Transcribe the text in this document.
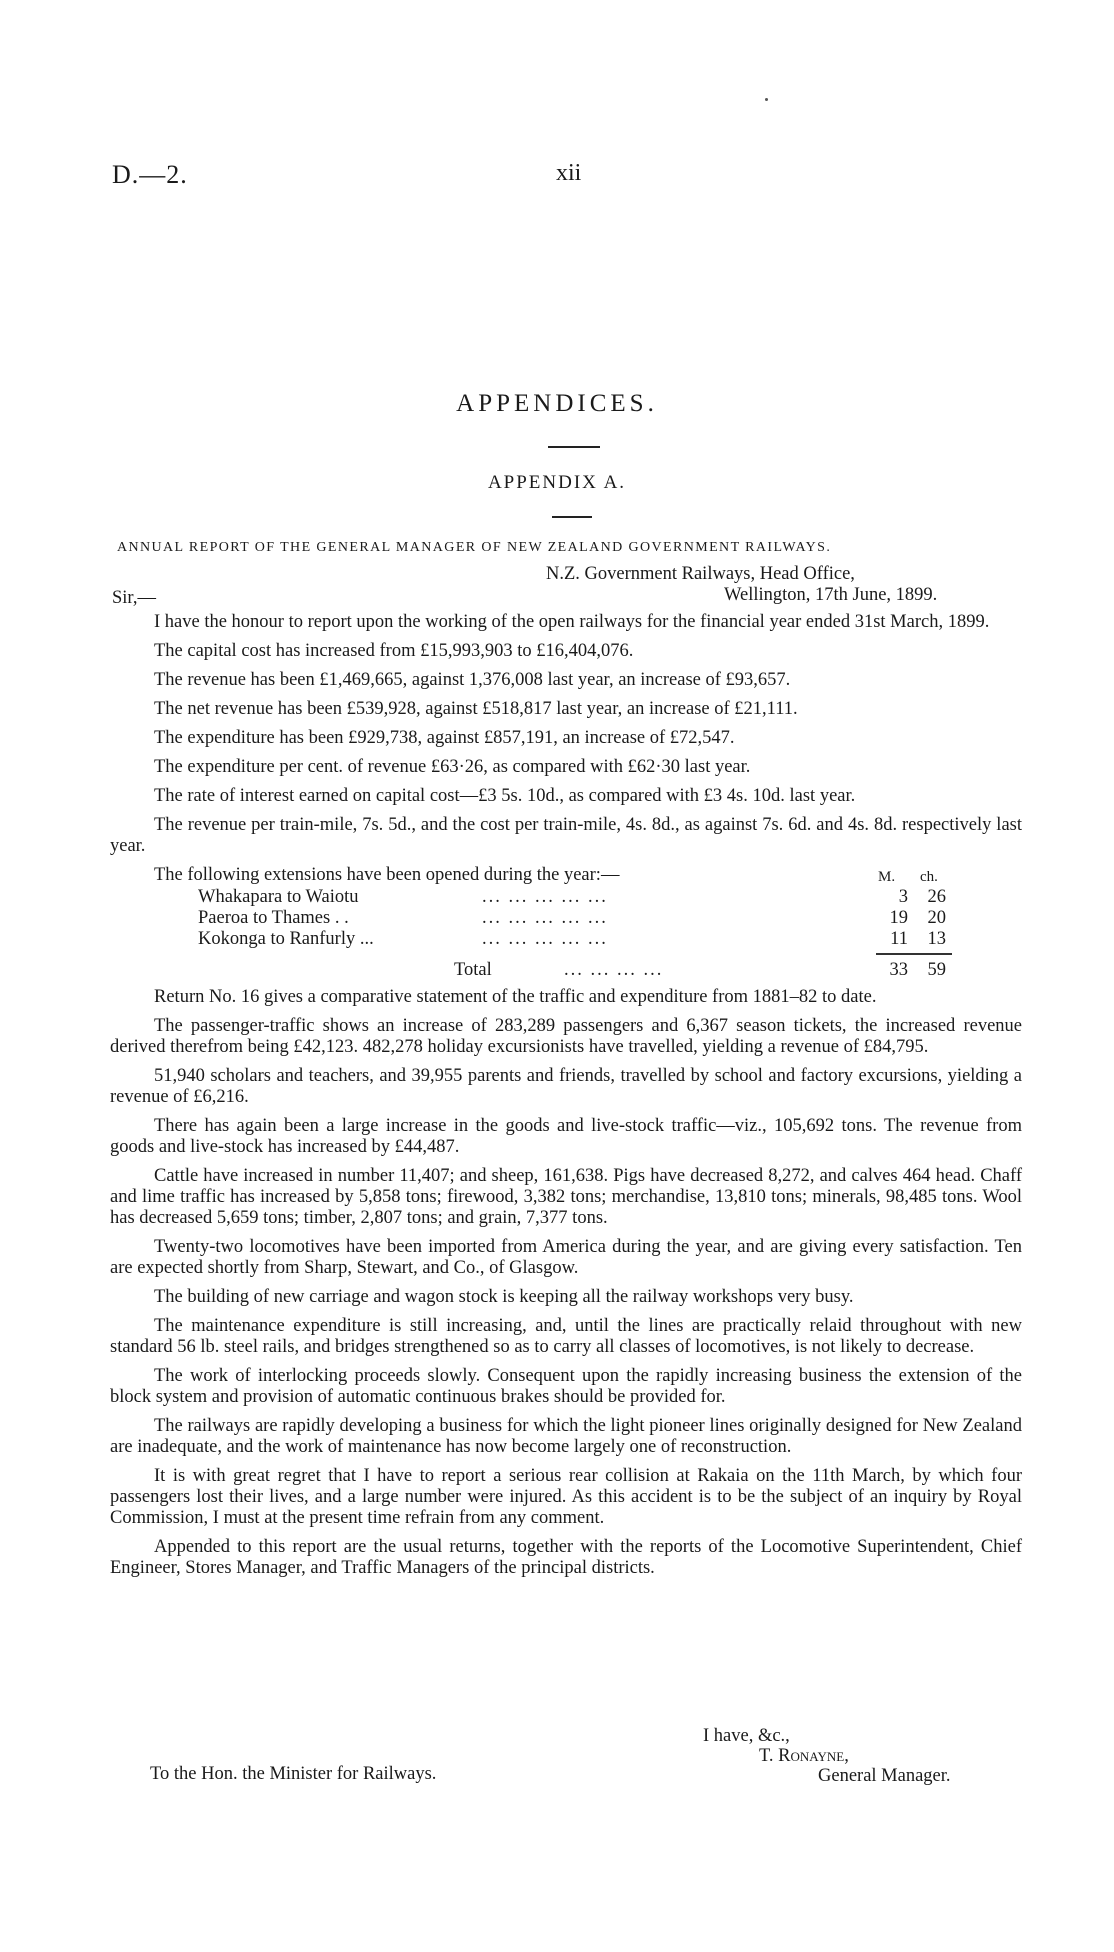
D.—2.	xii
APPENDICES.
APPENDIX A.
ANNUAL REPORT OF THE GENERAL MANAGER OF NEW ZEALAND GOVERNMENT RAILWAYS.
N.Z. Government Railways, Head Office,
Sir,—	Wellington, 17th June, 1899.

I have the honour to report upon the working of the open railways for the financial year ended 31st March, 1899.

The capital cost has increased from £15,993,903 to £16,404,076.

The revenue has been £1,469,665, against 1,376,008 last year, an increase of £93,657.

The net revenue has been £539,928, against £518,817 last year, an increase of £21,111.

The expenditure has been £929,738, against £857,191, an increase of £72,547.

The expenditure per cent. of revenue £63·26, as compared with £62·30 last year.

The rate of interest earned on capital cost—£3 5s. 10d., as compared with £3 4s. 10d. last year.

The revenue per train-mile, 7s. 5d., and the cost per train-mile, 4s. 8d., as against 7s. 6d. and 4s. 8d. respectively last year.

The following extensions have been opened during the year:—	M. ch.
Whakapara to Waiotu	... ... ... ... ...	3	26
Paeroa to Thames . .	... ... ... ... ...	19	20
Kokonga to Ranfurly ...	... ... ... ... ...	11	13
Total	... ... ... ...	33	59

Return No. 16 gives a comparative statement of the traffic and expenditure from 1881–82 to date.

The passenger-traffic shows an increase of 283,289 passengers and 6,367 season tickets, the increased revenue derived therefrom being £42,123. 482,278 holiday excursionists have travelled, yielding a revenue of £84,795.

51,940 scholars and teachers, and 39,955 parents and friends, travelled by school and factory excursions, yielding a revenue of £6,216.

There has again been a large increase in the goods and live-stock traffic—viz., 105,692 tons. The revenue from goods and live-stock has increased by £44,487.

Cattle have increased in number 11,407; and sheep, 161,638. Pigs have decreased 8,272, and calves 464 head. Chaff and lime traffic has increased by 5,858 tons; firewood, 3,382 tons; merchandise, 13,810 tons; minerals, 98,485 tons. Wool has decreased 5,659 tons; timber, 2,807 tons; and grain, 7,377 tons.

Twenty-two locomotives have been imported from America during the year, and are giving every satisfaction. Ten are expected shortly from Sharp, Stewart, and Co., of Glasgow.

The building of new carriage and wagon stock is keeping all the railway workshops very busy.

The maintenance expenditure is still increasing, and, until the lines are practically relaid throughout with new standard 56 lb. steel rails, and bridges strengthened so as to carry all classes of locomotives, is not likely to decrease.

The work of interlocking proceeds slowly. Consequent upon the rapidly increasing business the extension of the block system and provision of automatic continuous brakes should be provided for.

The railways are rapidly developing a business for which the light pioneer lines originally designed for New Zealand are inadequate, and the work of maintenance has now become largely one of reconstruction.

It is with great regret that I have to report a serious rear collision at Rakaia on the 11th March, by which four passengers lost their lives, and a large number were injured. As this accident is to be the subject of an inquiry by Royal Commission, I must at the present time refrain from any comment.

Appended to this report are the usual returns, together with the reports of the Locomotive Superintendent, Chief Engineer, Stores Manager, and Traffic Managers of the principal districts.

I have, &c.,
T. Ronayne,
To the Hon. the Minister for Railways.	General Manager.
